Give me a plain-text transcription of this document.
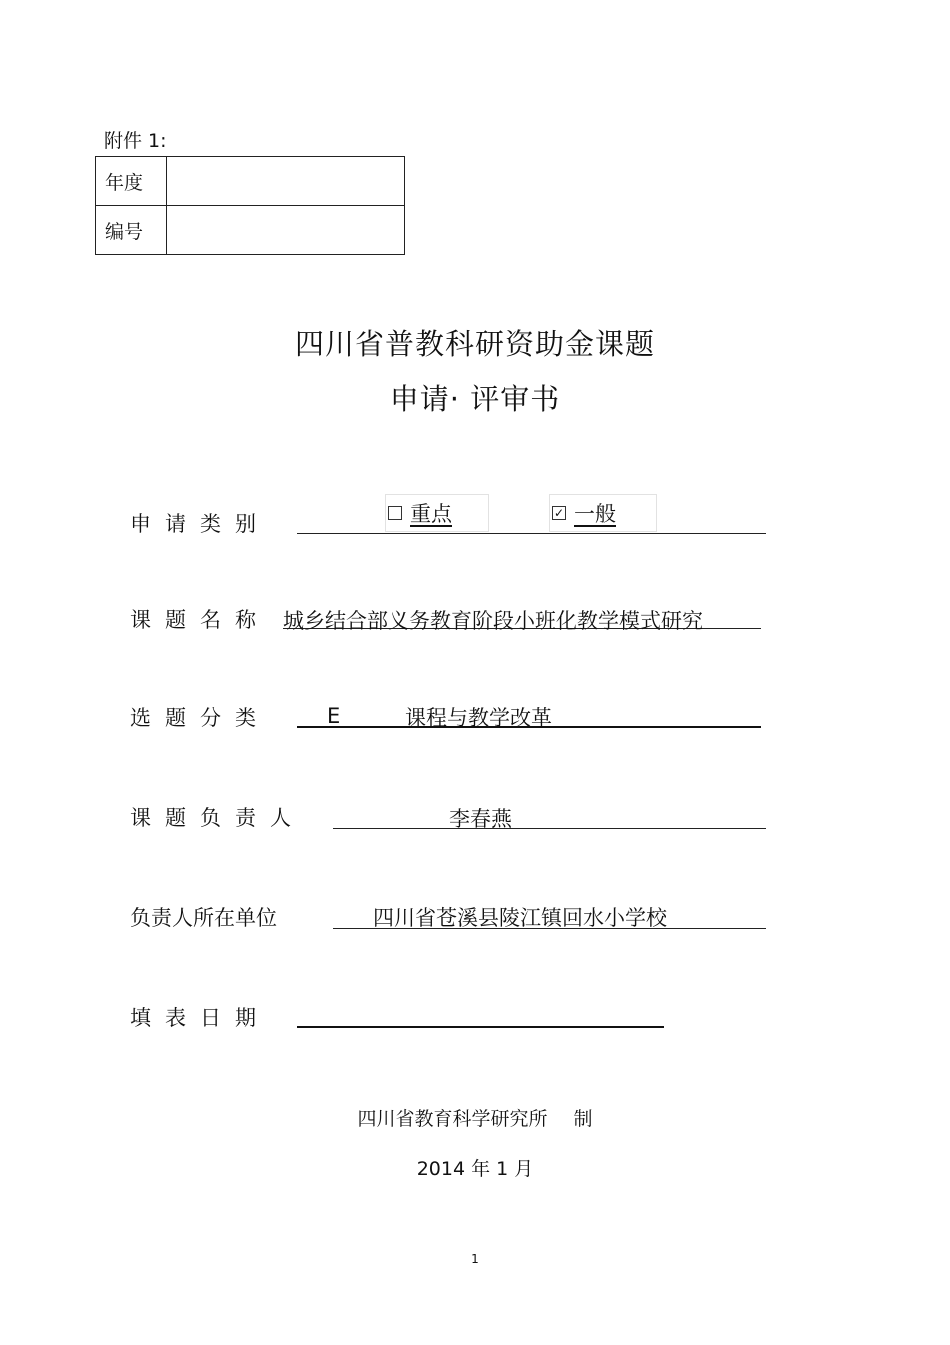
附件 1:
年度	
编号	
四川省普教科研资助金课题
申请· 评审书
申请类别	重点	✓ 一般
课题名称 城乡结合部义务教育阶段小班化教学模式研究
选题分类	E	课程与教学改革
课题负责人	李春燕
负责人所在单位	四川省苍溪县陵江镇回水小学校
填表日期
四川省教育科学研究所 制
2014 年 1 月
1
